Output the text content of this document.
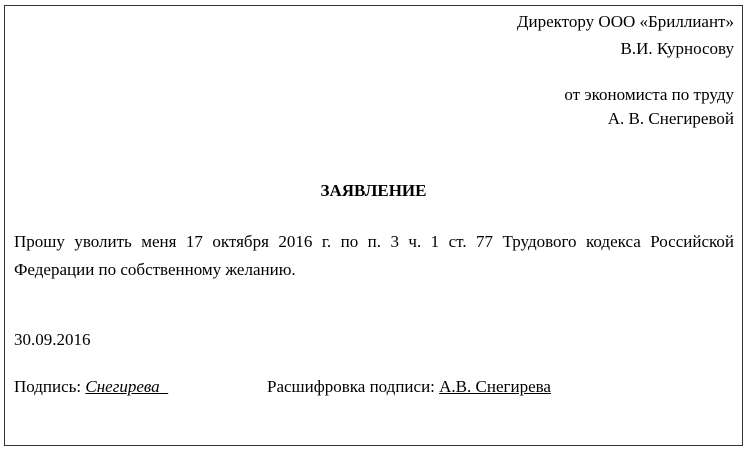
Директору ООО «Бриллиант»
В.И. Курносову
от экономиста по труду
А. В. Снегиревой
ЗАЯВЛЕНИЕ
Прошу уволить меня 17 октября 2016 г. по п. 3 ч. 1 ст. 77 Трудового кодекса Российской Федерации по собственному желанию.
30.09.2016
Подпись: Снегирева	Расшифровка подписи: А.В. Снегирева
